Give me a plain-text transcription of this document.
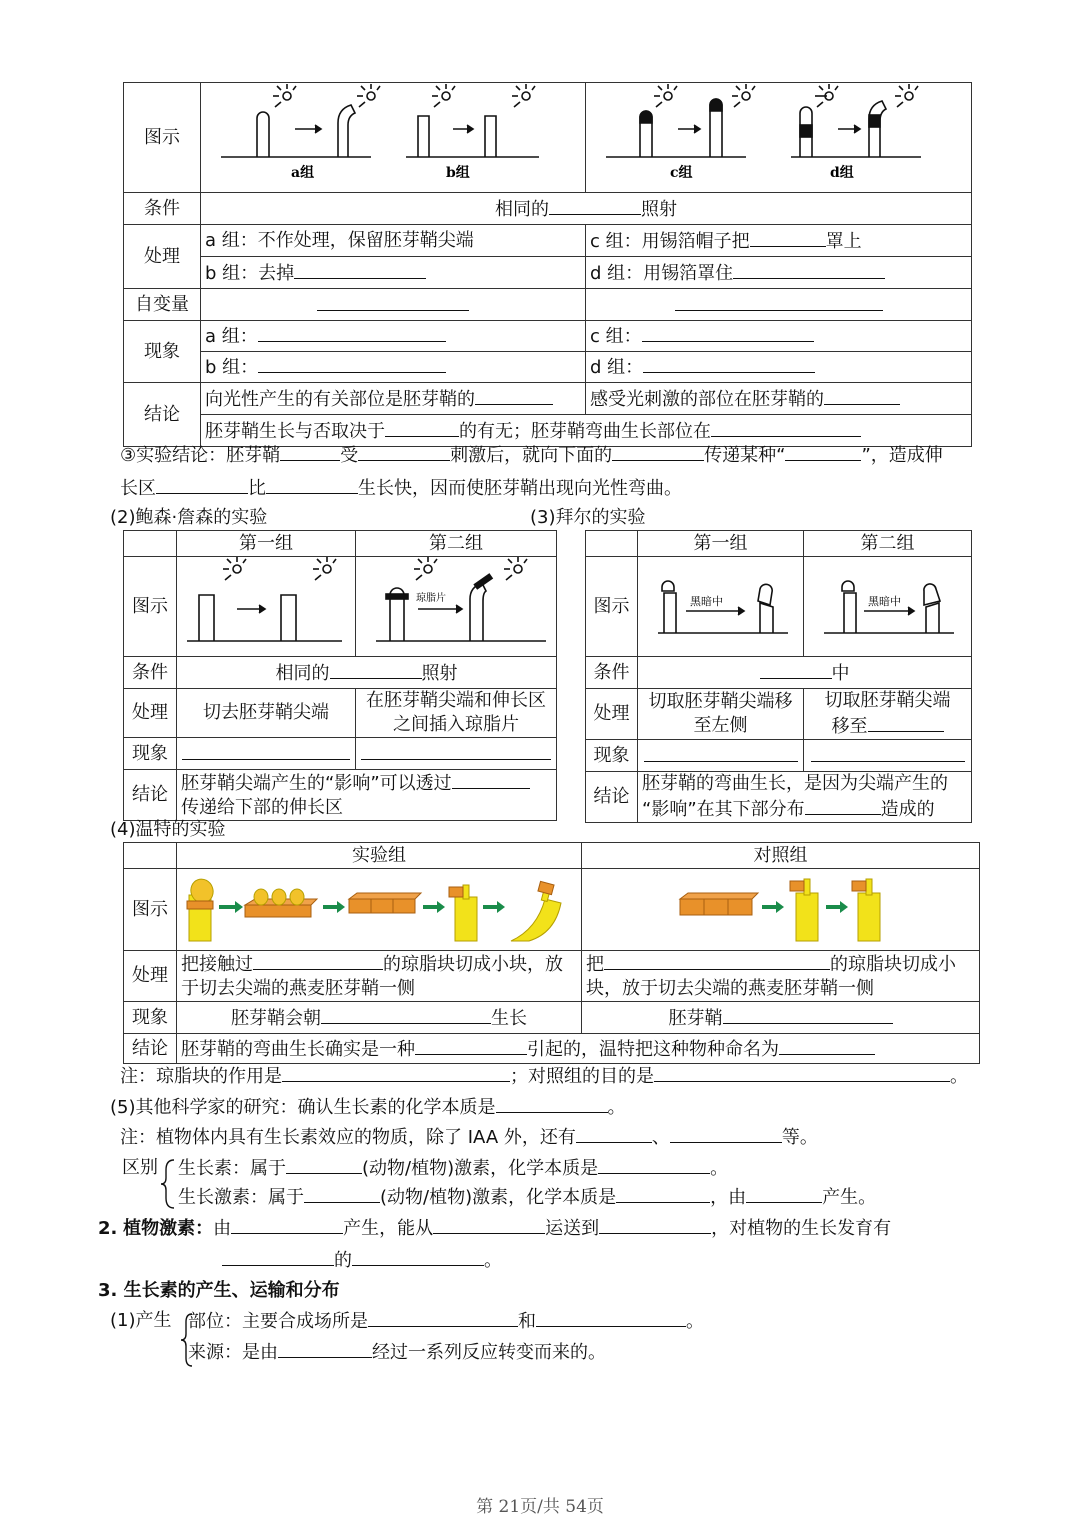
图示	a组 b组	c组 d组

条件	相同的 照射	
处理	a 组：不作处理，保留胚芽鞘尖端	c 组：用锡箔帽子把 罩上
	b 组：去掉	d 组：用锡箔罩住
自变量		
现象	a 组：	c 组：
	b 组：	d 组：
结论	向光性产生的有关部位是胚芽鞘的	感受光刺激的部位在胚芽鞘的
	胚芽鞘生长与否取决于 的有无；胚芽鞘弯曲生长部位在	
③实验结论：胚芽鞘	受	刺激后，就向下面的	传递某种“	”，造成伸
长区	比	生长快，因而使胚芽鞘出现向光性弯曲。
(2)鲍森·詹森的实验
	第一组	第二组
图示		琼脂片

条件	相同的 照射	
处理	切去胚芽鞘尖端	在胚芽鞘尖端和伸长区之间插入琼脂片
现象		
结论	胚芽鞘尖端产生的“影响”可以透过
传递给下部的伸长区	
(3)拜尔的实验
	第一组	第二组
图示	黑暗中	黑暗中

条件	中	
处理	切取胚芽鞘尖端移至左侧	切取胚芽鞘尖端
移至
现象		
结论	胚芽鞘的弯曲生长，是因为尖端产生的
“影响”在其下部分布 造成的	
(4)温特的实验
	实验组	对照组
图示		
处理	把接触过 的琼脂块切成小块，放
于切去尖端的燕麦胚芽鞘一侧	把 的琼脂块切成小
块，放于切去尖端的燕麦胚芽鞘一侧
现象	胚芽鞘会朝 生长	胚芽鞘
结论	胚芽鞘的弯曲生长确实是一种 引起的，温特把这种物种命名为	
注：琼脂块的作用是	；对照组的目的是	。
(5)其他科学家的研究：确认生长素的化学本质是	。
注：植物体内具有生长素效应的物质，除了 IAA 外，还有	、	等。
区别 生长素：属于	(动物/植物)激素，化学本质是	。
生长激素：属于	(动物/植物)激素，化学本质是	，由	产生。
2. 植物激素：由	产生，能从	运送到	，对植物的生长发育有
的	。
3. 生长素的产生、运输和分布
(1)产生 部位：主要合成场所是	和	。
来源：是由	经过一系列反应转变而来的。
第 21页/共 54页
